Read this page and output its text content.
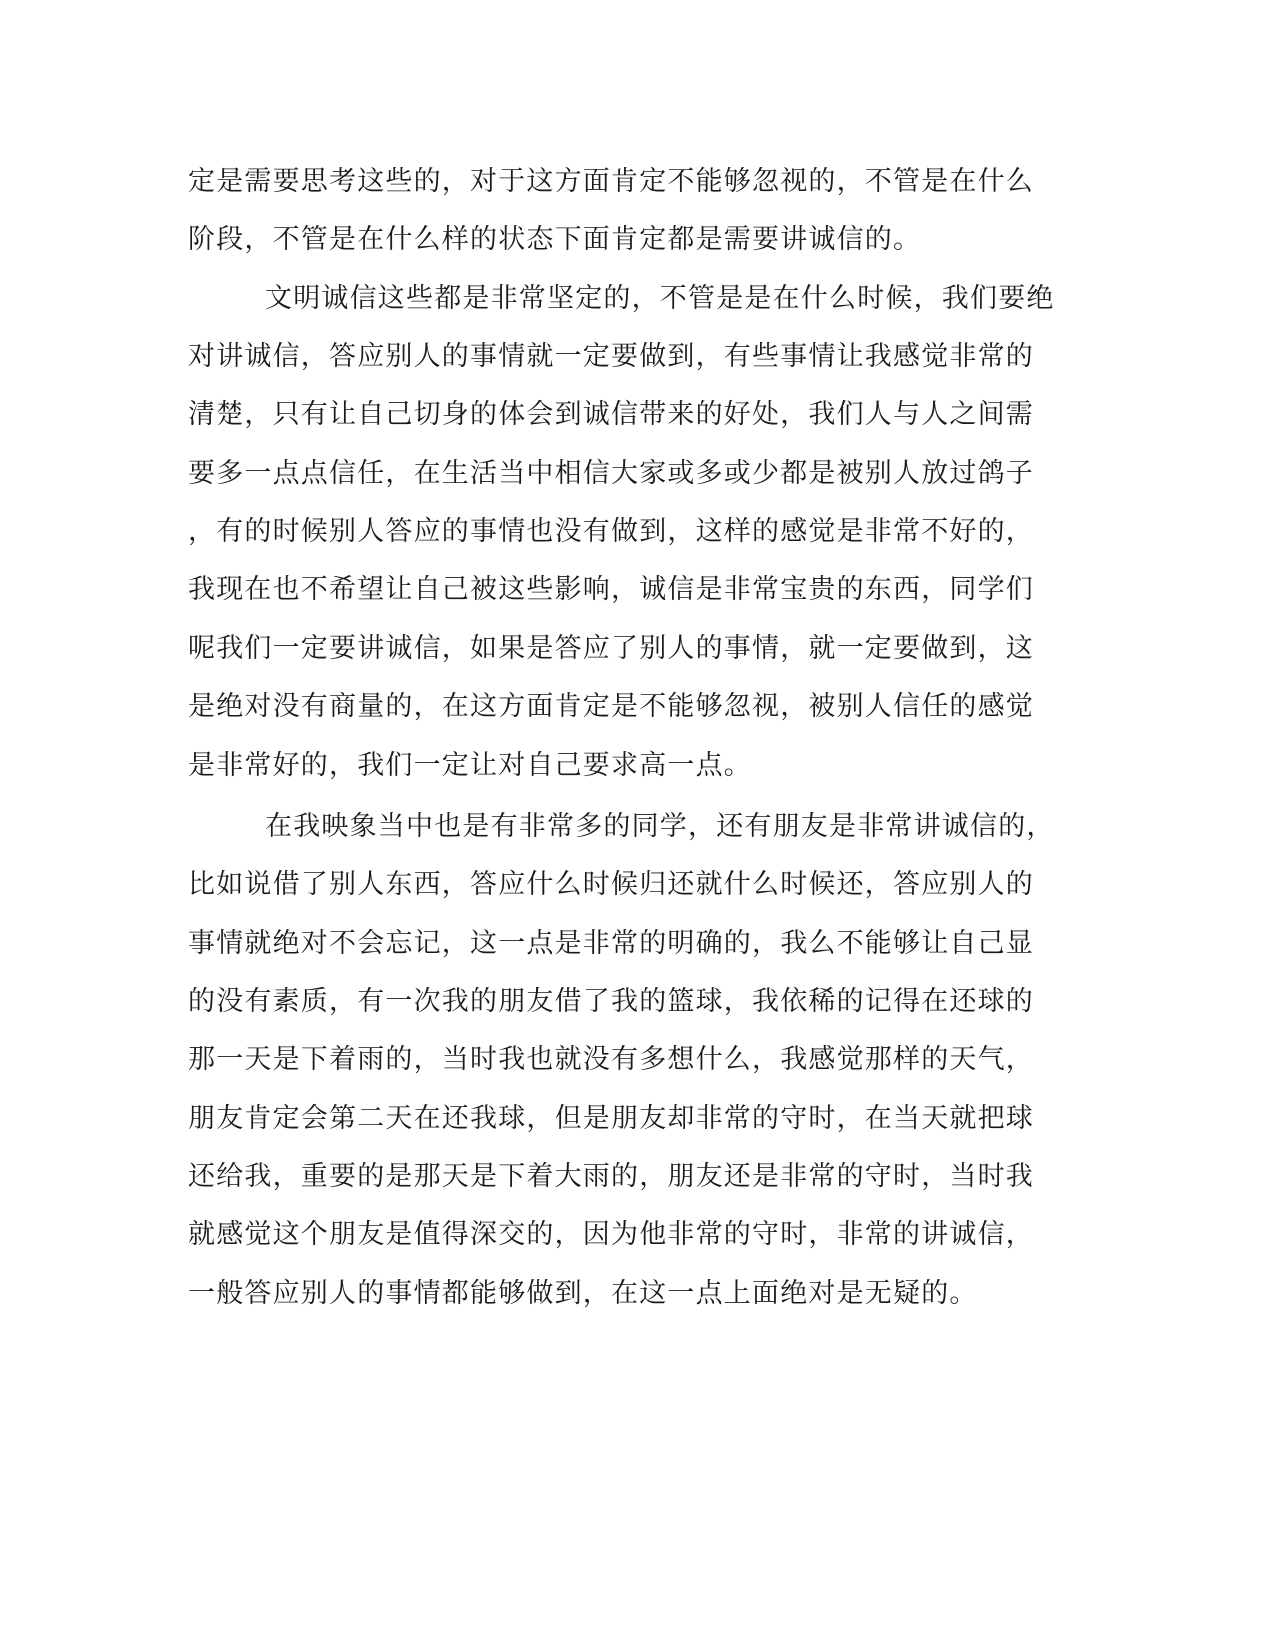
定是需要思考这些的，对于这方面肯定不能够忽视的，不管是在什么
阶段，不管是在什么样的状态下面肯定都是需要讲诚信的。
文明诚信这些都是非常坚定的，不管是是在什么时候，我们要绝
对讲诚信，答应别人的事情就一定要做到，有些事情让我感觉非常的
清楚，只有让自己切身的体会到诚信带来的好处，我们人与人之间需
要多一点点信任，在生活当中相信大家或多或少都是被别人放过鸽子
，有的时候别人答应的事情也没有做到，这样的感觉是非常不好的，
我现在也不希望让自己被这些影响，诚信是非常宝贵的东西，同学们
呢我们一定要讲诚信，如果是答应了别人的事情，就一定要做到，这
是绝对没有商量的，在这方面肯定是不能够忽视，被别人信任的感觉
是非常好的，我们一定让对自己要求高一点。
在我映象当中也是有非常多的同学，还有朋友是非常讲诚信的，
比如说借了别人东西，答应什么时候归还就什么时候还，答应别人的
事情就绝对不会忘记，这一点是非常的明确的，我么不能够让自己显
的没有素质，有一次我的朋友借了我的篮球，我依稀的记得在还球的
那一天是下着雨的，当时我也就没有多想什么，我感觉那样的天气，
朋友肯定会第二天在还我球，但是朋友却非常的守时，在当天就把球
还给我，重要的是那天是下着大雨的，朋友还是非常的守时，当时我
就感觉这个朋友是值得深交的，因为他非常的守时，非常的讲诚信，
一般答应别人的事情都能够做到，在这一点上面绝对是无疑的。
